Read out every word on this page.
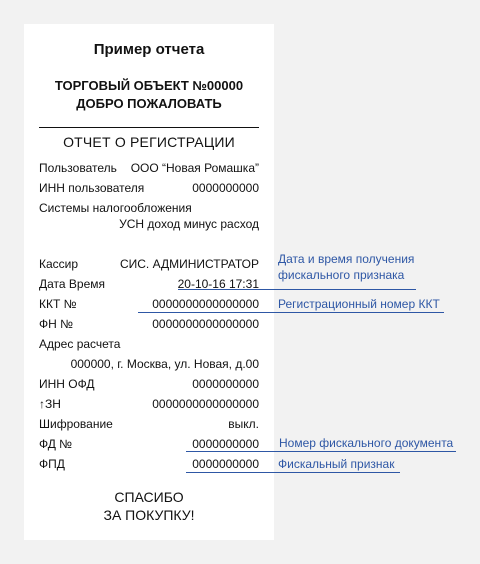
Пример отчета
ТОРГОВЫЙ ОБЪЕКТ №00000
ДОБРО ПОЖАЛОВАТЬ
ОТЧЕТ О РЕГИСТРАЦИИ
Пользователь ООО “Новая Ромашка”
ИНН пользователя	0000000000
Системы налогообложения
УСН доход минус расход
Кассир	СИС. АДМИНИСТРАТОР
Дата Время	20-10-16 17:31
ККТ №	0000000000000000
ФН №	0000000000000000
Адрес расчета
000000, г. Москва, ул. Новая, д.00
ИНН ОФД	0000000000
↑ЗН	0000000000000000
Шифрование	выкл.
ФД №	0000000000
ФПД	0000000000
СПАСИБО
ЗА ПОКУПКУ!
Дата и время получения
фискального признака
Регистрационный номер ККТ
Номер фискального документа
Фискальный признак
